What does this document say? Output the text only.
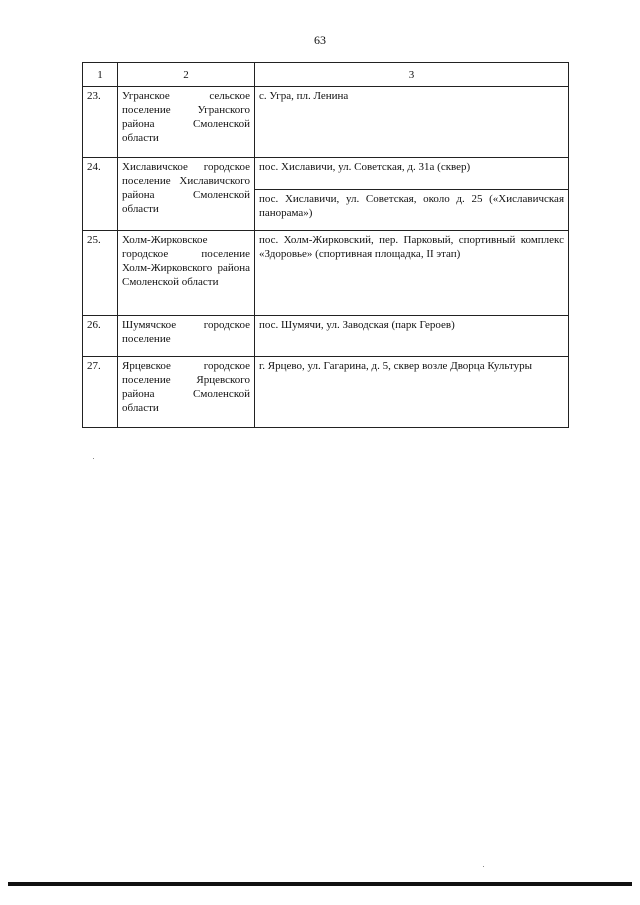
63
1	2	3
23.	Угранское сельское поселение Угранского района Смоленской области	с. Угра, пл. Ленина
24.	Хиславичское городское поселение Хиславичского района Смоленской области	пос. Хиславичи, ул. Советская, д. 31а (сквер)
		пос. Хиславичи, ул. Советская, около д. 25 («Хиславичская панорама»)
25.	Холм-Жирковское городское поселение Холм-Жирковского района Смоленской области	пос. Холм-Жирковский, пер. Парковый, спортивный комплекс «Здоровье» (спортивная площадка, II этап)
26.	Шумячское городское поселение	пос. Шумячи, ул. Заводская (парк Героев)
27.	Ярцевское городское поселение Ярцевского района Смоленской области	г. Ярцево, ул. Гагарина, д. 5, сквер возле Дворца Культуры
